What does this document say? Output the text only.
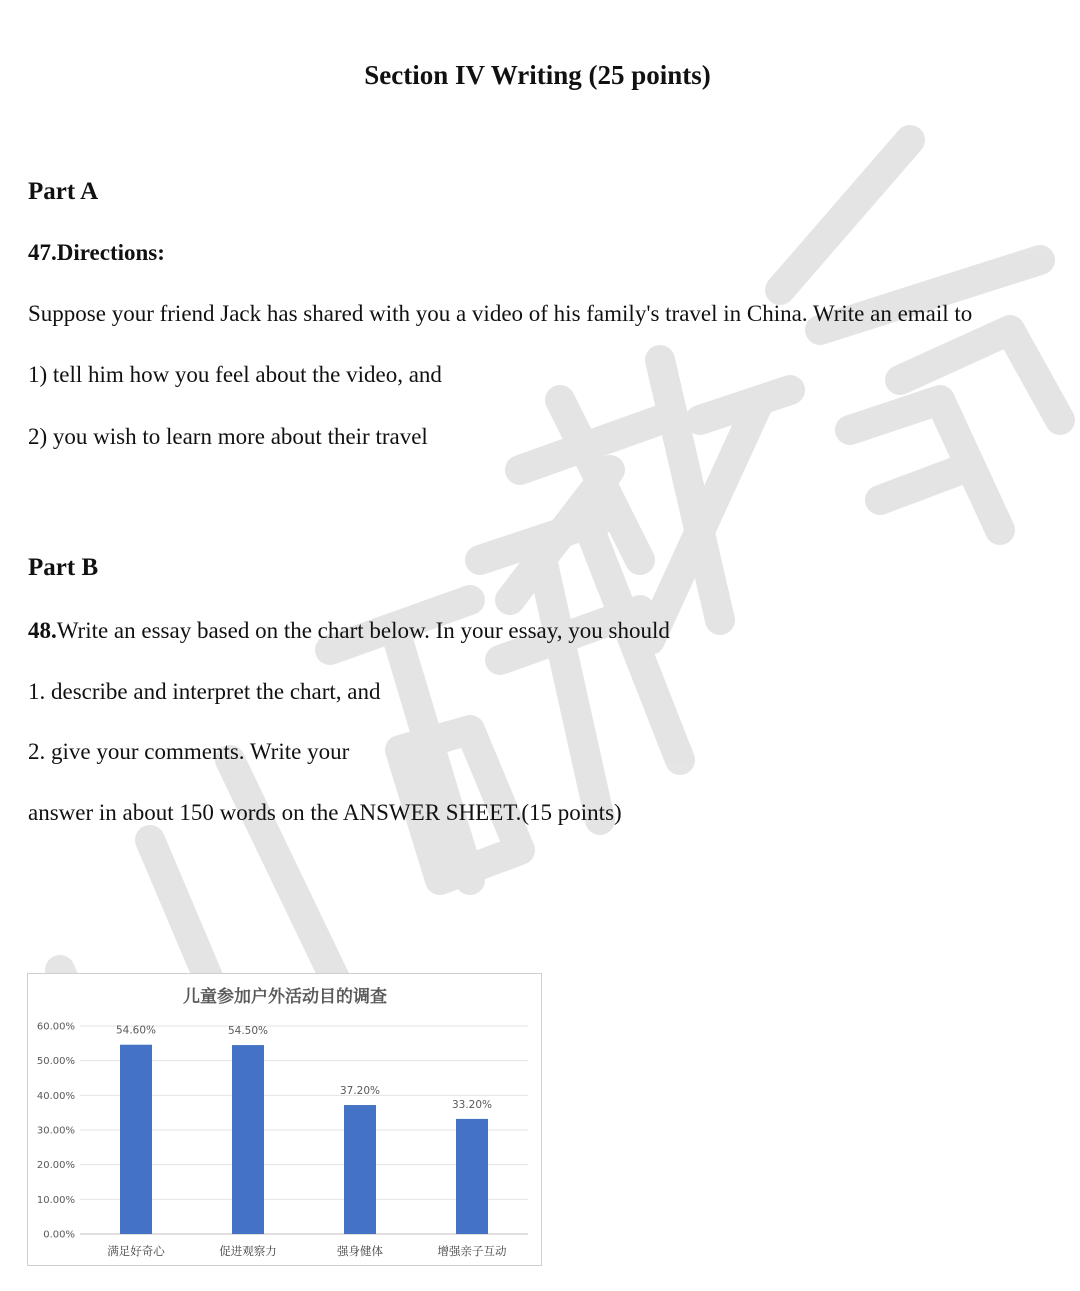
Section IV Writing (25 points)
Part A
47.Directions:
Suppose your friend Jack has shared with you a video of his family's travel in China. Write an email to
1) tell him how you feel about the video, and
2) you wish to learn more about their travel
Part B
48.Write an essay based on the chart below. In your essay, you should
1. describe and interpret the chart, and
2. give your comments. Write your
answer in about 150 words on the ANSWER SHEET.(15 points)
儿童参加户外活动目的调查
0.00%
10.00%
20.00%
30.00%
40.00%
50.00%
60.00%	54.60%
满足好奇心
54.50%
促进观察力
37.20%
强身健体
33.20%
增强亲子互动
